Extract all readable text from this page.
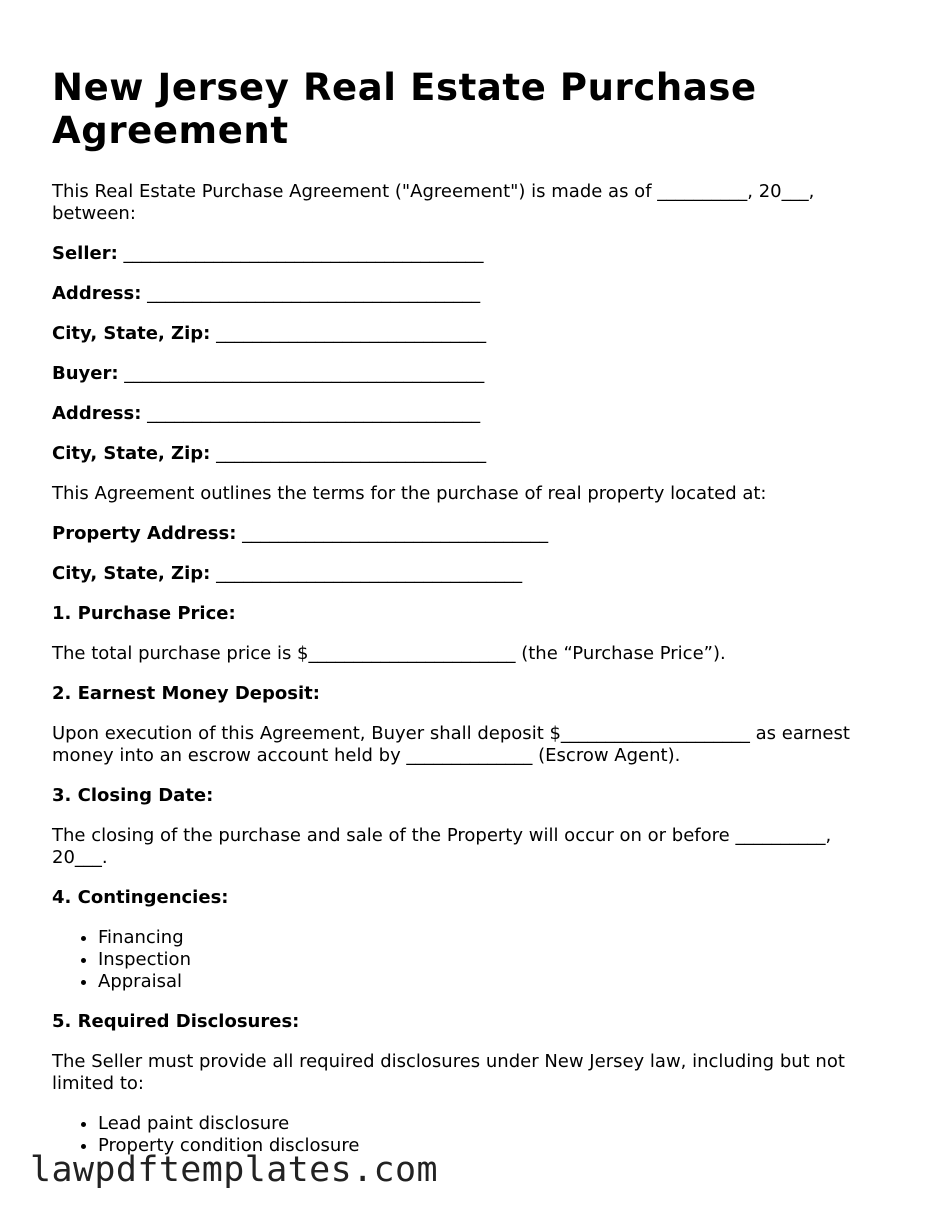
New Jersey Real Estate Purchase Agreement

This Real Estate Purchase Agreement ("Agreement") is made as of __________, 20___, between:

Seller: ________________________________________

Address: _____________________________________

City, State, Zip: ______________________________

Buyer: ________________________________________

Address: _____________________________________

City, State, Zip: ______________________________

This Agreement outlines the terms for the purchase of real property located at:

Property Address: __________________________________

City, State, Zip: __________________________________

1. Purchase Price:

The total purchase price is $_______________________ (the “Purchase Price”).

2. Earnest Money Deposit:

Upon execution of this Agreement, Buyer shall deposit $_____________________ as earnest money into an escrow account held by ______________ (Escrow Agent).

3. Closing Date:

The closing of the purchase and sale of the Property will occur on or before __________, 20___.

4. Contingencies:

• Financing
• Inspection
• Appraisal

5. Required Disclosures:

The Seller must provide all required disclosures under New Jersey law, including but not limited to:

• Lead paint disclosure
• Property condition disclosure
lawpdftemplates.com
